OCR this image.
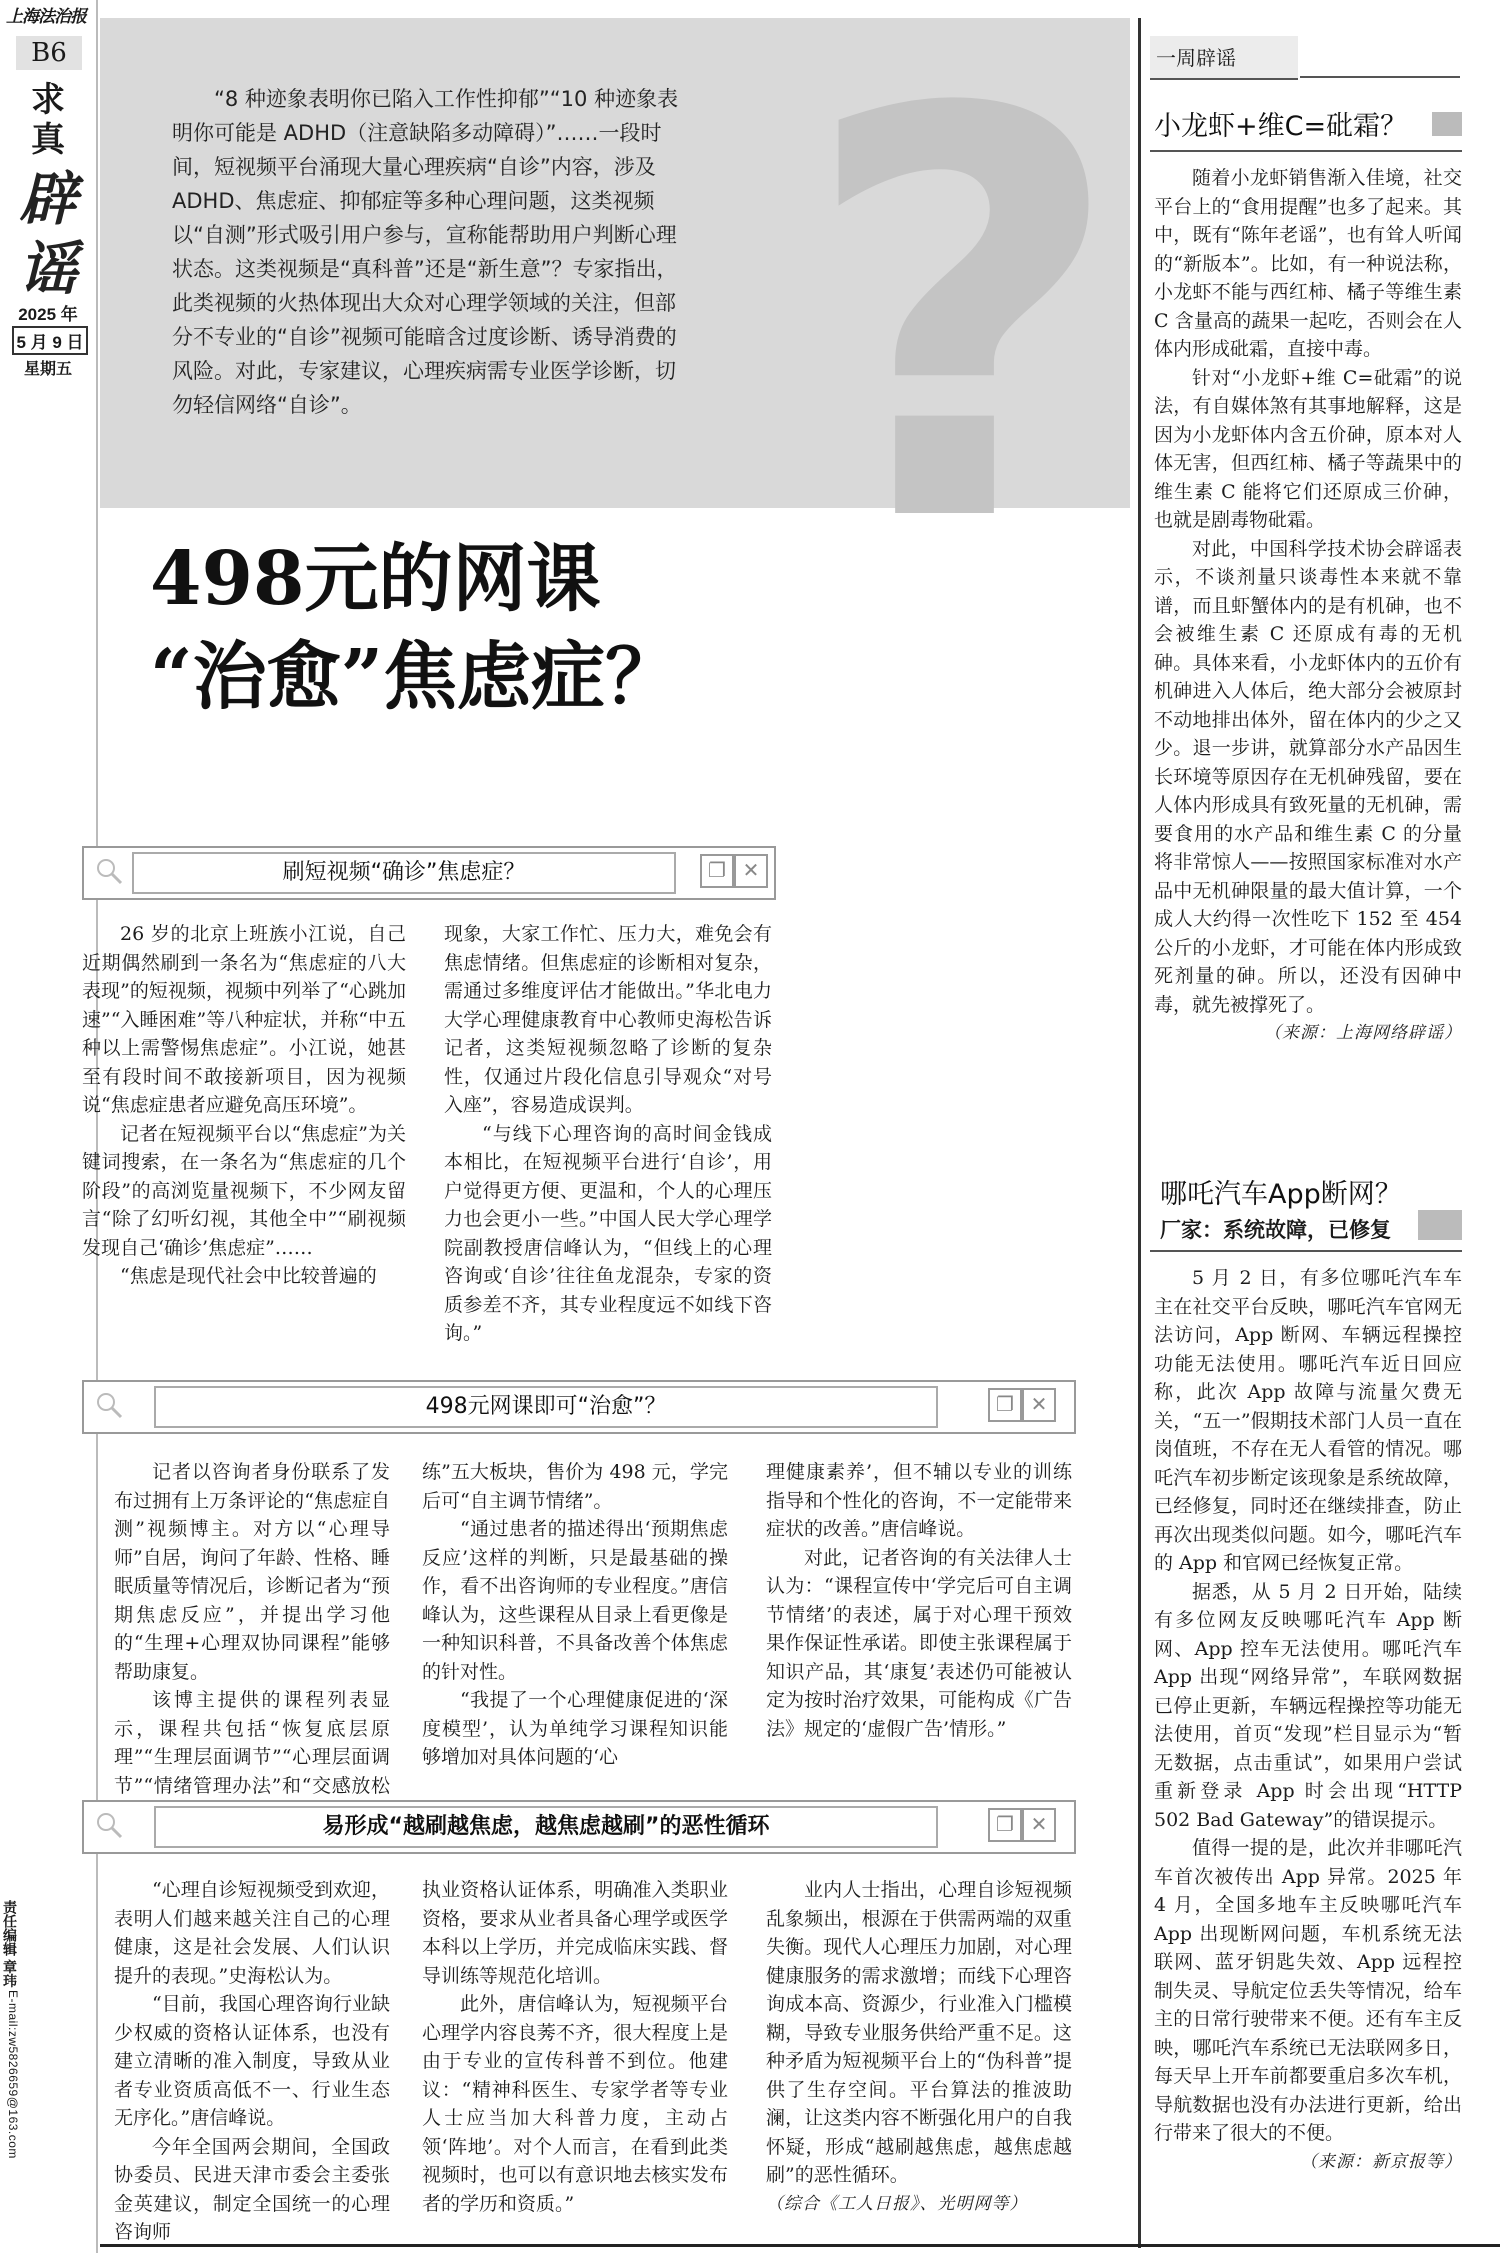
上海法治报
B6
求
真
辟
谣
2025 年
5 月 9 日
星期五
责任编辑 章玮
E-mail:zw5826659@163.com
?
“8 种迹象表明你已陷入工作性抑郁”“10 种迹象表明你可能是 ADHD（注意缺陷多动障碍）”……一段时间，短视频平台涌现大量心理疾病“自诊”内容，涉及 ADHD、焦虑症、抑郁症等多种心理问题，这类视频以“自测”形式吸引用户参与，宣称能帮助用户判断心理状态。这类视频是“真科普”还是“新生意”？专家指出，此类视频的火热体现出大众对心理学领域的关注，但部分不专业的“自诊”视频可能暗含过度诊断、诱导消费的风险。对此，专家建议，心理疾病需专业医学诊断，切勿轻信网络“自诊”。
498元的网课
“治愈”焦虑症？
刷短视频“确诊”焦虑症？	❐ ✕

26 岁的北京上班族小江说，自己近期偶然刷到一条名为“焦虑症的八大表现”的短视频，视频中列举了“心跳加速”“入睡困难”等八种症状，并称“中五种以上需警惕焦虑症”。小江说，她甚至有段时间不敢接新项目，因为视频说“焦虑症患者应避免高压环境”。

记者在短视频平台以“焦虑症”为关键词搜索，在一条名为“焦虑症的几个阶段”的高浏览量视频下，不少网友留言“除了幻听幻视，其他全中”“刷视频发现自己‘确诊’焦虑症”……

“焦虑是现代社会中比较普遍的

现象，大家工作忙、压力大，难免会有焦虑情绪。但焦虑症的诊断相对复杂，需通过多维度评估才能做出。”华北电力大学心理健康教育中心教师史海松告诉记者，这类短视频忽略了诊断的复杂性，仅通过片段化信息引导观众“对号入座”，容易造成误判。

“与线下心理咨询的高时间金钱成本相比，在短视频平台进行‘自诊’，用户觉得更方便、更温和，个人的心理压力也会更小一些。”中国人民大学心理学院副教授唐信峰认为，“但线上的心理咨询或‘自诊’往往鱼龙混杂，专家的资质参差不齐，其专业程度远不如线下咨询。”

498元网课即可“治愈”？	❐ ✕

记者以咨询者身份联系了发布过拥有上万条评论的“焦虑症自测”视频博主。对方以“心理导师”自居，询问了年龄、性格、睡眠质量等情况后，诊断记者为“预期焦虑反应”，并提出学习他的“生理+心理双协同课程”能够帮助康复。

该博主提供的课程列表显示，课程共包括“恢复底层原理”“生理层面调节”“心理层面调节”“情绪管理办法”和“交感放松

练”五大板块，售价为 498 元，学完后可“自主调节情绪”。

“通过患者的描述得出‘预期焦虑反应’这样的判断，只是最基础的操作，看不出咨询师的专业程度。”唐信峰认为，这些课程从目录上看更像是一种知识科普，不具备改善个体焦虑的针对性。

“我提了一个心理健康促进的‘深度模型’，认为单纯学习课程知识能够增加对具体问题的‘心

理健康素养’，但不辅以专业的训练指导和个性化的咨询，不一定能带来症状的改善。”唐信峰说。

对此，记者咨询的有关法律人士认为：“课程宣传中‘学完后可自主调节情绪’的表述，属于对心理干预效果作保证性承诺。即使主张课程属于知识产品，其‘康复’表述仍可能被认定为按时治疗效果，可能构成《广告法》规定的‘虚假广告’情形。”

易形成“越刷越焦虑，越焦虑越刷”的恶性循环	❐ ✕

“心理自诊短视频受到欢迎，表明人们越来越关注自己的心理健康，这是社会发展、人们认识提升的表现。”史海松认为。

“目前，我国心理咨询行业缺少权威的资格认证体系，也没有建立清晰的准入制度，导致从业者专业资质高低不一、行业生态无序化。”唐信峰说。

今年全国两会期间，全国政协委员、民进天津市委会主委张金英建议，制定全国统一的心理咨询师

执业资格认证体系，明确准入类职业资格，要求从业者具备心理学或医学本科以上学历，并完成临床实践、督导训练等规范化培训。

此外，唐信峰认为，短视频平台心理学内容良莠不齐，很大程度上是由于专业的宣传科普不到位。他建议：“精神科医生、专家学者等专业人士应当加大科普力度，主动占领‘阵地’。对个人而言，在看到此类视频时，也可以有意识地去核实发布者的学历和资质。”

业内人士指出，心理自诊短视频乱象频出，根源在于供需两端的双重失衡。现代人心理压力加剧，对心理健康服务的需求激增；而线下心理咨询成本高、资源少，行业准入门槛模糊，导致专业服务供给严重不足。这种矛盾为短视频平台上的“伪科普”提供了生存空间。平台算法的推波助澜，让这类内容不断强化用户的自我怀疑，形成“越刷越焦虑，越焦虑越刷”的恶性循环。

（综合《工人日报》、光明网等）

一周辟谣
小龙虾+维C=砒霜？

随着小龙虾销售渐入佳境，社交平台上的“食用提醒”也多了起来。其中，既有“陈年老谣”，也有耸人听闻的“新版本”。比如，有一种说法称，小龙虾不能与西红柿、橘子等维生素 C 含量高的蔬果一起吃，否则会在人体内形成砒霜，直接中毒。

针对“小龙虾+维 C=砒霜”的说法，有自媒体煞有其事地解释，这是因为小龙虾体内含五价砷，原本对人体无害，但西红柿、橘子等蔬果中的维生素 C 能将它们还原成三价砷，也就是剧毒物砒霜。

对此，中国科学技术协会辟谣表示，不谈剂量只谈毒性本来就不靠谱，而且虾蟹体内的是有机砷，也不会被维生素 C 还原成有毒的无机砷。具体来看，小龙虾体内的五价有机砷进入人体后，绝大部分会被原封不动地排出体外，留在体内的少之又少。退一步讲，就算部分水产品因生长环境等原因存在无机砷残留，要在人体内形成具有致死量的无机砷，需要食用的水产品和维生素 C 的分量将非常惊人——按照国家标准对水产品中无机砷限量的最大值计算，一个成人大约得一次性吃下 152 至 454 公斤的小龙虾，才可能在体内形成致死剂量的砷。所以，还没有因砷中毒，就先被撑死了。

（来源：上海网络辟谣）

哪吒汽车App断网？
厂家：系统故障，已修复

5 月 2 日，有多位哪吒汽车车主在社交平台反映，哪吒汽车官网无法访问，App 断网、车辆远程操控功能无法使用。哪吒汽车近日回应称，此次 App 故障与流量欠费无关，“五一”假期技术部门人员一直在岗值班，不存在无人看管的情况。哪吒汽车初步断定该现象是系统故障，已经修复，同时还在继续排查，防止再次出现类似问题。如今，哪吒汽车的 App 和官网已经恢复正常。

据悉，从 5 月 2 日开始，陆续有多位网友反映哪吒汽车 App 断网、App 控车无法使用。哪吒汽车 App 出现“网络异常”，车联网数据已停止更新，车辆远程操控等功能无法使用，首页“发现”栏目显示为“暂无数据，点击重试”，如果用户尝试重新登录 App 时会出现“HTTP 502 Bad Gateway”的错误提示。

值得一提的是，此次并非哪吒汽车首次被传出 App 异常。2025 年 4 月，全国多地车主反映哪吒汽车 App 出现断网问题，车机系统无法联网、蓝牙钥匙失效、App 远程控制失灵、导航定位丢失等情况，给车主的日常行驶带来不便。还有车主反映，哪吒汽车系统已无法联网多日，每天早上开车前都要重启多次车机，导航数据也没有办法进行更新，给出行带来了很大的不便。

（来源：新京报等）
